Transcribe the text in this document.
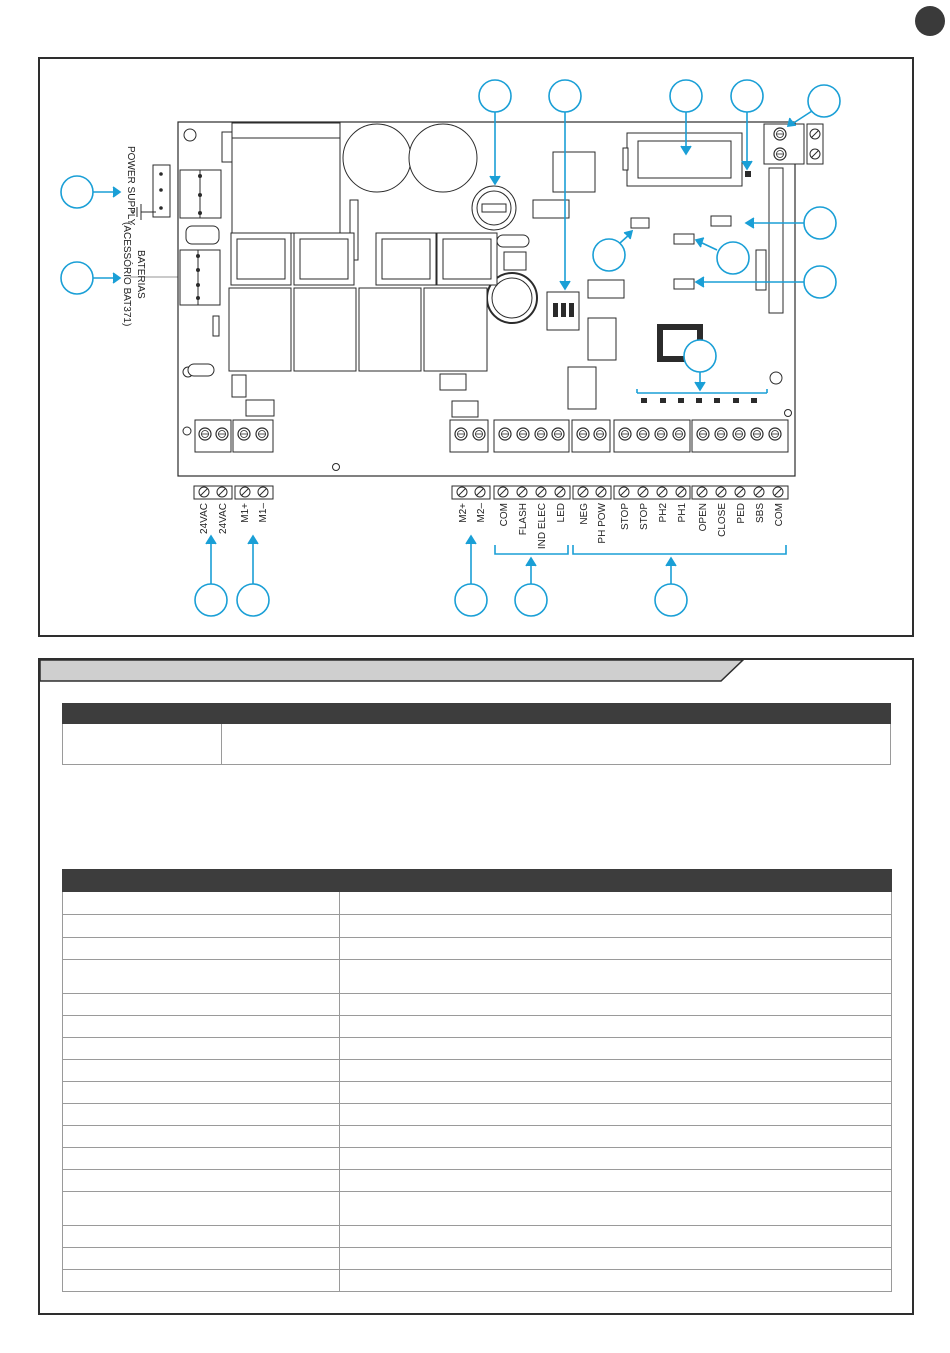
24VAC 24VAC M1+ M1–	M2+ M2– COM FLASH IND ELEC LED NEG PH POW STOP STOP PH2 PH1 OPEN CLOSE PED SBS COM
POWER SUPPLY
BATERIAS
(ACESSÓRIO BAT371)
